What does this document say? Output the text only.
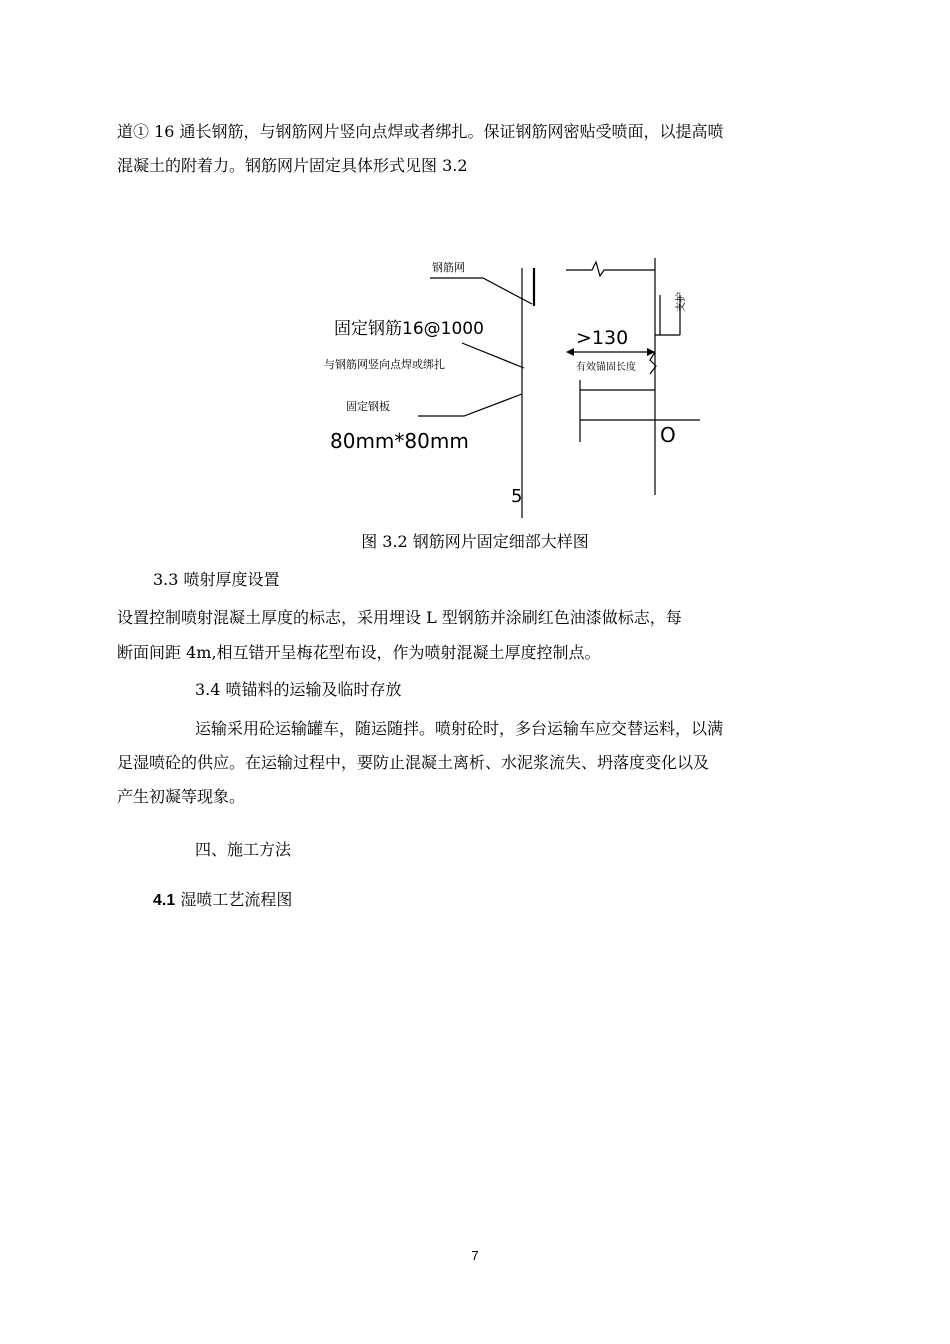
道① 16 通长钢筋，与钢筋网片竖向点焊或者绑扎。保证钢筋网密贴受喷面，以提高喷
混凝土的附着力。钢筋网片固定具体形式见图 3.2
钢筋网
固定钢筋16@1000
与钢筋网竖向点焊或绑扎
固定钢板
80mm*80mm
>130
有效锚固长度
支护
O
5
图 3.2 钢筋网片固定细部大样图
3.3 喷射厚度设置
设置控制喷射混凝土厚度的标志，采用埋设 L 型钢筋并涂刷红色油漆做标志，每
断面间距 4m,相互错开呈梅花型布设，作为喷射混凝土厚度控制点。
3.4 喷锚料的运输及临时存放
运输采用砼运输罐车，随运随拌。喷射砼时，多台运输车应交替运料，以满
足湿喷砼的供应。在运输过程中，要防止混凝土离析、水泥浆流失、坍落度变化以及
产生初凝等现象。
四、施工方法
4.1 湿喷工艺流程图
7
